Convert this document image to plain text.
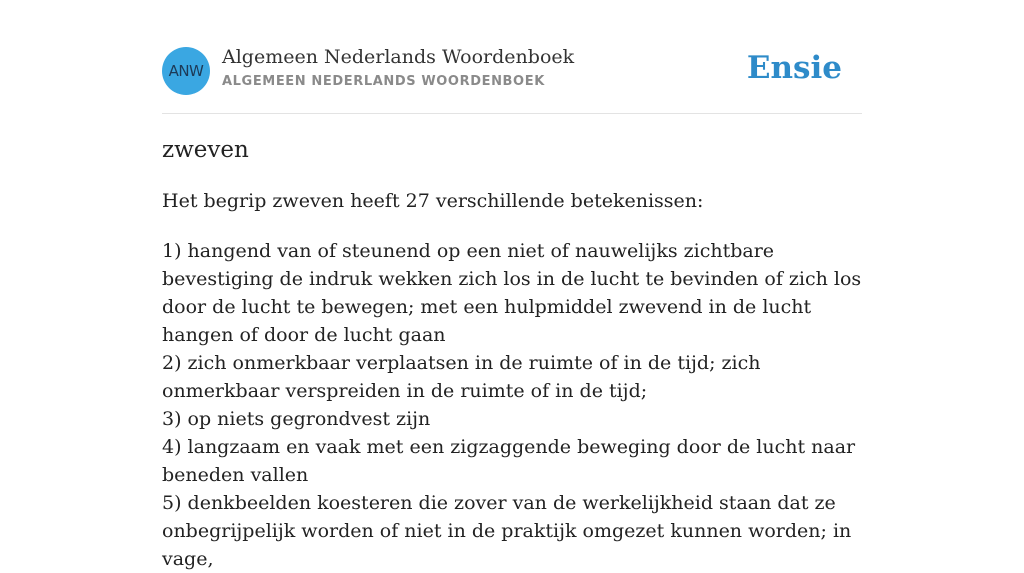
ANW
Algemeen Nederlands Woordenboek
ALGEMEEN NEDERLANDS WOORDENBOEK	Ensie
zweven
Het begrip zweven heeft 27 verschillende betekenissen:
1) hangend van of steunend op een niet of nauwelijks zichtbare bevestiging de indruk wekken zich los in de lucht te bevinden of zich los door de lucht te bewegen; met een hulpmiddel zwevend in de lucht hangen of door de lucht gaan
2) zich onmerkbaar verplaatsen in de ruimte of in de tijd; zich onmerkbaar verspreiden in de ruimte of in de tijd;
3) op niets gegrondvest zijn
4) langzaam en vaak met een zigzaggende beweging door de lucht naar beneden vallen
5) denkbeelden koesteren die zover van de werkelijkheid staan dat ze onbegrijpelijk worden of niet in de praktijk omgezet kunnen worden; in vage,
